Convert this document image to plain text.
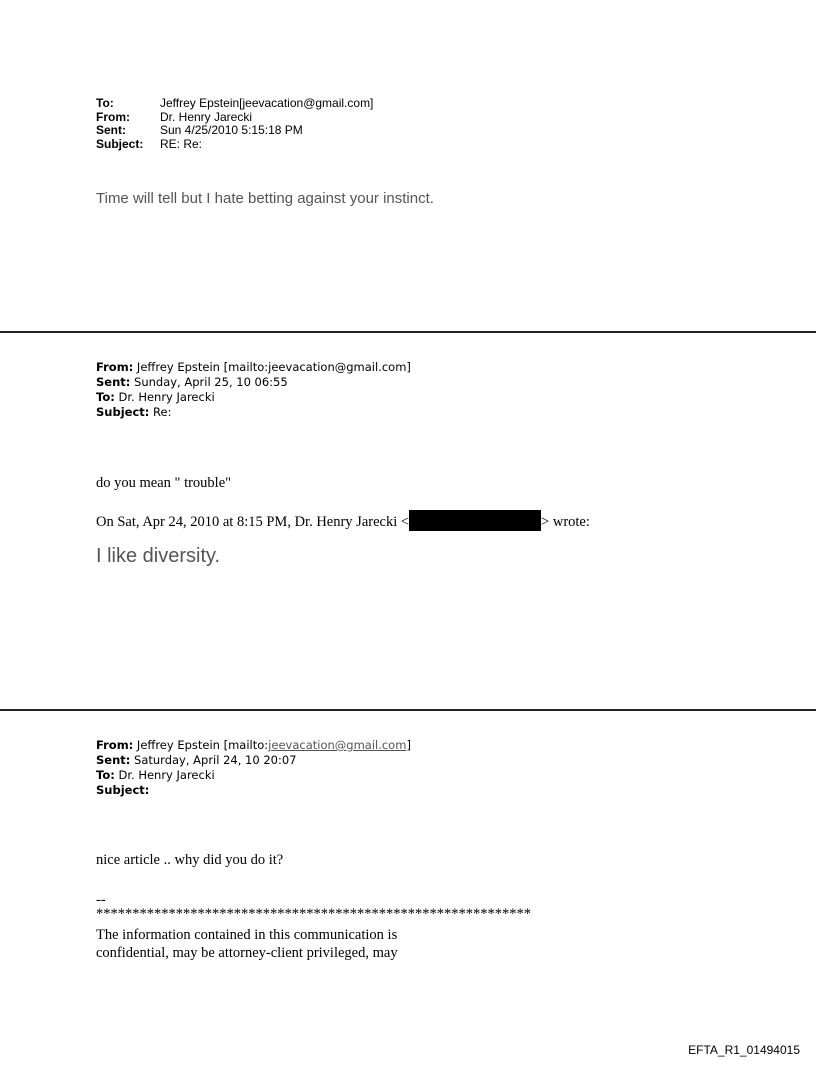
To:	Jeffrey Epstein[jeevacation@gmail.com]
From:	Dr. Henry Jarecki
Sent:	Sun 4/25/2010 5:15:18 PM
Subject:	RE: Re:
Time will tell but I hate betting against your instinct.
From: Jeffrey Epstein [mailto:jeevacation@gmail.com]
Sent: Sunday, April 25, 10 06:55
To: Dr. Henry Jarecki
Subject: Re:
do you mean " trouble"
On Sat, Apr 24, 2010 at 8:15 PM, Dr. Henry Jarecki <	> wrote:
I like diversity.
From: Jeffrey Epstein [mailto:jeevacation@gmail.com]
Sent: Saturday, April 24, 10 20:07
To: Dr. Henry Jarecki
Subject:
nice article .. why did you do it?
--
************************************************************
The information contained in this communication is
confidential, may be attorney-client privileged, may
EFTA_R1_01494015
